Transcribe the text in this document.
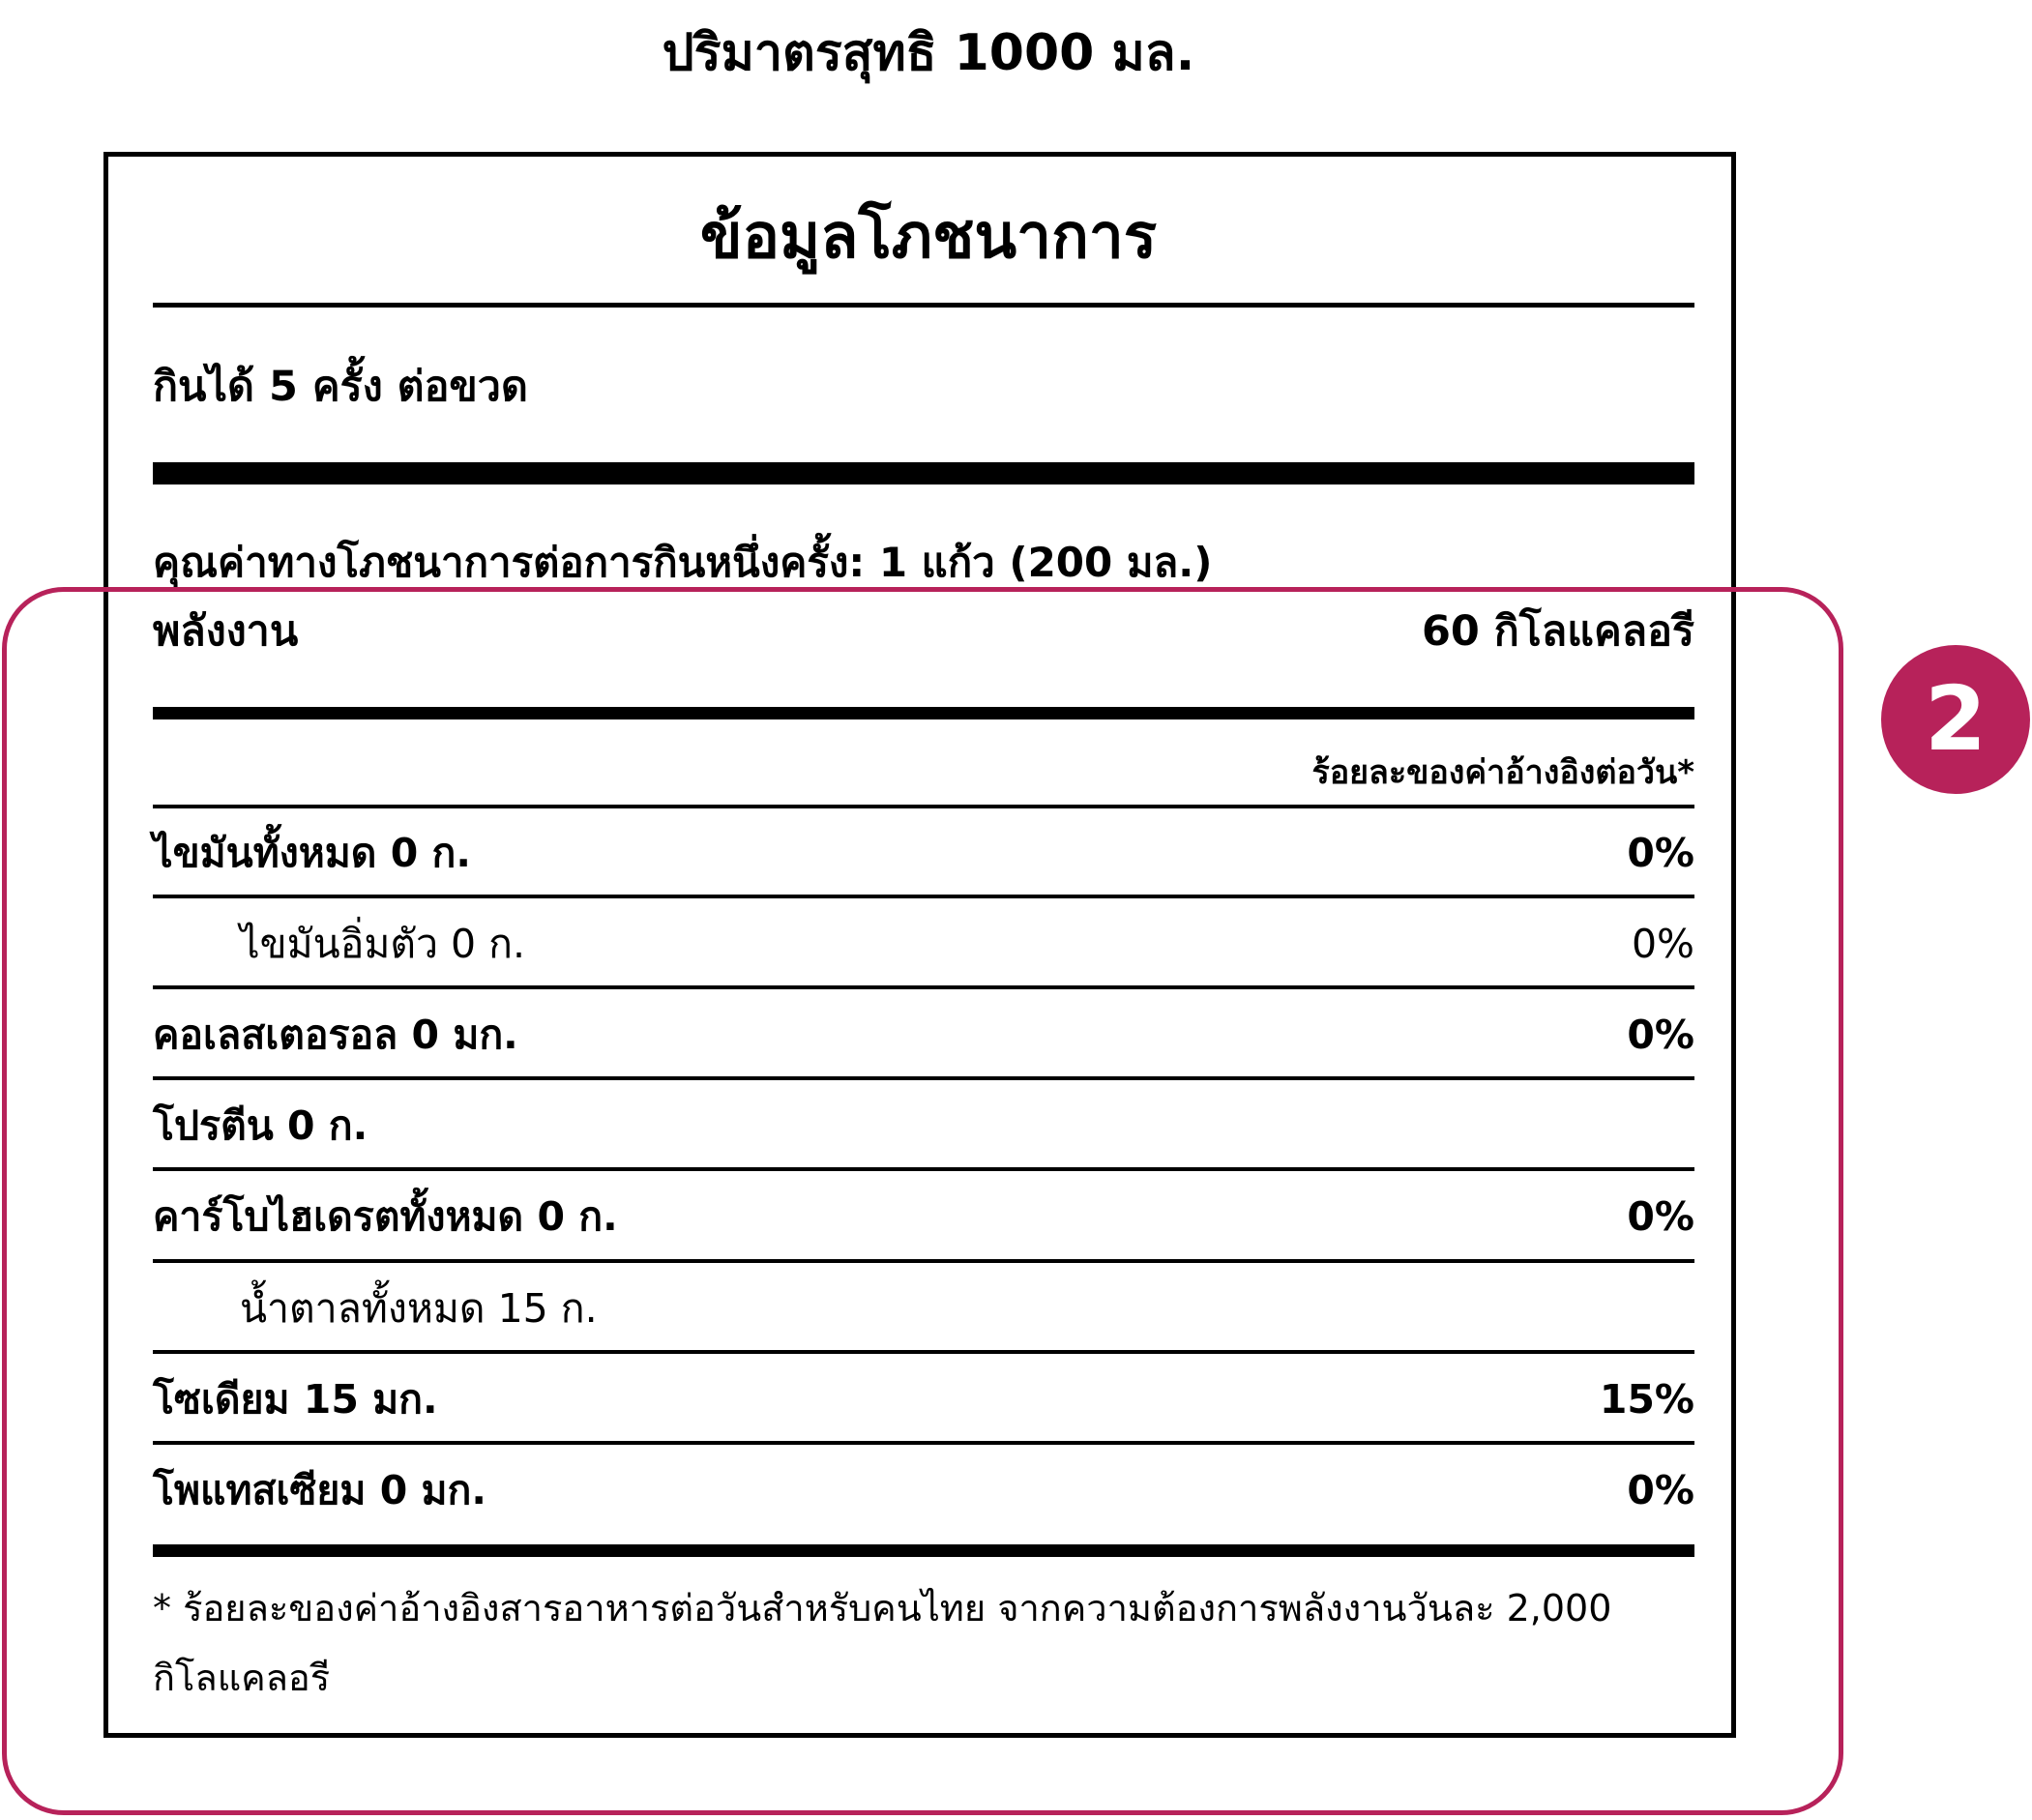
ปริมาตรสุทธิ 1000 มล.
ข้อมูลโภชนาการ
กินได้ 5 ครั้ง ต่อขวด
คุณค่าทางโภชนาการต่อการกินหนึ่งครั้ง: 1 แก้ว (200 มล.)
พลังงาน	60 กิโลแคลอรี
ร้อยละของค่าอ้างอิงต่อวัน*
ไขมันทั้งหมด 0 ก.	0%
ไขมันอิ่มตัว 0 ก.	0%
คอเลสเตอรอล 0 มก.	0%
โปรตีน 0 ก.
คาร์โบไฮเดรตทั้งหมด 0 ก.	0%
น้ำตาลทั้งหมด 15 ก.
โซเดียม 15 มก.	15%
โพแทสเซียม 0 มก.	0%
* ร้อยละของค่าอ้างอิงสารอาหารต่อวันสำหรับคนไทย จากความต้องการพลังงานวันละ 2,000
กิโลแคลอรี
2
